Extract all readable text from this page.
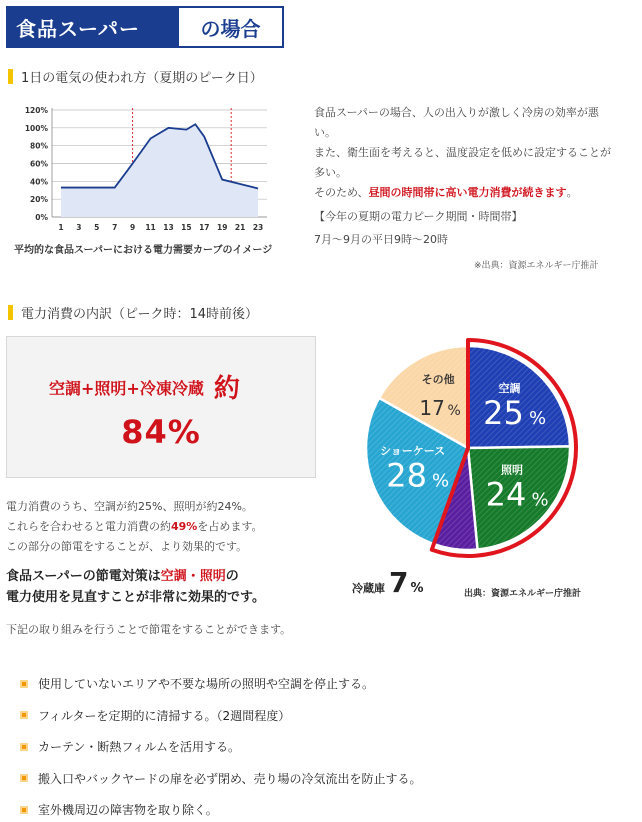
食品スーパー	の場合
1日の電気の使われ方（夏期のピーク日）
0%
20%
40%
60%
80%
100%
120%
1 3 5 7 9 11 13 15 17 19 21 23
平均的な食品スーパーにおける電力需要カーブのイメージ
食品スーパーの場合、人の出入りが激しく冷房の効率が悪い。
また、衛生面を考えると、温度設定を低めに設定することが多い。
そのため、昼間の時間帯に高い電力消費が続きます。
【今年の夏期の電力ピーク期間・時間帯】
7月〜9月の平日9時〜20時
※出典：資源エネルギー庁推計
電力消費の内訳（ピーク時：14時前後）
空調+照明+冷凍冷蔵 約
84%
電力消費のうち、空調が約25%、照明が約24%。
これらを合わせると電力消費の約49%を占めます。
この部分の節電をすることが、より効果的です。
食品スーパーの節電対策は空調・照明の
電力使用を見直すことが非常に効果的です。
下記の取り組みを行うことで節電をすることができます。
空調
25 %
照明
24 %
ショーケース
28 %
その他
17 %
冷蔵庫 7 %	出典：資源エネルギー庁推計
使用していないエリアや不要な場所の照明や空調を停止する。
フィルターを定期的に清掃する。（2週間程度）
カーテン・断熱フィルムを活用する。
搬入口やバックヤードの扉を必ず閉め、売り場の冷気流出を防止する。
室外機周辺の障害物を取り除く。
